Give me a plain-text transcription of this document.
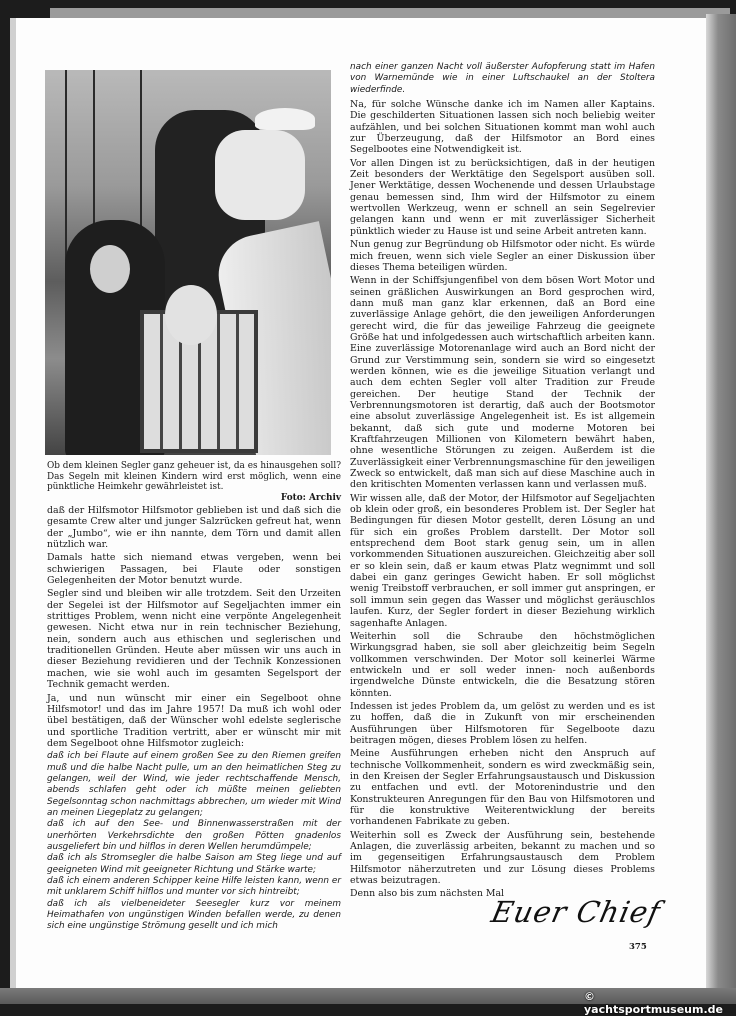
Ob dem kleinen Segler ganz geheuer ist, da es hinausgehen soll? Das Segeln mit kleinen Kindern wird erst möglich, wenn eine pünktliche Heimkehr gewährleistet ist.
Foto: Archiv

daß der Hilfsmotor Hilfsmotor geblieben ist und daß sich die gesamte Crew alter und junger Salzrücken gefreut hat, wenn der „Jumbo“, wie er ihn nannte, dem Törn und damit allen nützlich war.

Damals hatte sich niemand etwas vergeben, wenn bei schwierigen Passagen, bei Flaute oder sonstigen Gelegenheiten der Motor benutzt wurde.

Segler sind und bleiben wir alle trotzdem. Seit den Urzeiten der Segelei ist der Hilfsmotor auf Segeljachten immer ein strittiges Problem, wenn nicht eine verpönte Angelegenheit gewesen. Nicht etwa nur in rein technischer Beziehung, nein, sondern auch aus ethischen und seglerischen und traditionellen Gründen. Heute aber müssen wir uns auch in dieser Beziehung revidieren und der Technik Konzessionen machen, wie sie wohl auch im gesamten Segelsport der Technik gemacht werden.

Ja, und nun wünscht mir einer ein Segelboot ohne Hilfsmotor! und das im Jahre 1957! Da muß ich wohl oder übel bestätigen, daß der Wünscher wohl edelste seglerische und sportliche Tradition vertritt, aber er wünscht mir mit dem Segelboot ohne Hilfsmotor zugleich:

daß ich bei Flaute auf einem großen See zu den Riemen greifen muß und die halbe Nacht pulle, um an den heimatlichen Steg zu gelangen, weil der Wind, wie jeder rechtschaffende Mensch, abends schlafen geht oder ich müßte meinen geliebten Segelsonntag schon nachmittags abbrechen, um wieder mit Wind an meinen Liegeplatz zu gelangen;

daß ich auf den See- und Binnenwasserstraßen mit der unerhörten Verkehrsdichte den großen Pötten gnadenlos ausgeliefert bin und hilflos in deren Wellen herumdümpele;

daß ich als Stromsegler die halbe Saison am Steg liege und auf geeigneten Wind mit geeigneter Richtung und Stärke warte;

daß ich einem anderen Schipper keine Hilfe leisten kann, wenn er mit unklarem Schiff hilflos und munter vor sich hintreibt;

daß ich als vielbeneideter Seesegler kurz vor meinem Heimathafen von ungünstigen Winden befallen werde, zu denen sich eine ungünstige Strömung gesellt und ich mich

nach einer ganzen Nacht voll äußerster Aufopferung statt im Hafen von Warnemünde wie in einer Luftschaukel an der Stoltera wiederfinde.

Na, für solche Wünsche danke ich im Namen aller Kaptains. Die geschilderten Situationen lassen sich noch beliebig weiter aufzählen, und bei solchen Situationen kommt man wohl auch zur Überzeugung, daß der Hilfsmotor an Bord eines Segelbootes eine Notwendigkeit ist.

Vor allen Dingen ist zu berücksichtigen, daß in der heutigen Zeit besonders der Werktätige den Segelsport ausüben soll. Jener Werktätige, dessen Wochenende und dessen Urlaubstage genau bemessen sind, Ihm wird der Hilfsmotor zu einem wertvollen Werkzeug, wenn er schnell an sein Segelrevier gelangen kann und wenn er mit zuverlässiger Sicherheit pünktlich wieder zu Hause ist und seine Arbeit antreten kann.

Nun genug zur Begründung ob Hilfsmotor oder nicht. Es würde mich freuen, wenn sich viele Segler an einer Diskussion über dieses Thema beteiligen würden.

Wenn in der Schiffsjungenfibel von dem bösen Wort Motor und seinen gräßlichen Auswirkungen an Bord gesprochen wird, dann muß man ganz klar erkennen, daß an Bord eine zuverlässige Anlage gehört, die den jeweiligen Anforderungen gerecht wird, die für das jeweilige Fahrzeug die geeignete Größe hat und infolgedessen auch wirtschaftlich arbeiten kann. Eine zuverlässige Motorenanlage wird auch an Bord nicht der Grund zur Verstimmung sein, sondern sie wird so eingesetzt werden können, wie es die jeweilige Situation verlangt und auch dem echten Segler voll alter Tradition zur Freude gereichen. Der heutige Stand der Technik der Verbrennungsmotoren ist derartig, daß auch der Bootsmotor eine absolut zuverlässige Angelegenheit ist. Es ist allgemein bekannt, daß sich gute und moderne Motoren bei Kraftfahrzeugen Millionen von Kilometern bewährt haben, ohne wesentliche Störungen zu zeigen. Außerdem ist die Zuverlässigkeit einer Verbrennungsmaschine für den jeweiligen Zweck so entwickelt, daß man sich auf diese Maschine auch in den kritischten Momenten verlassen kann und verlassen muß.

Wir wissen alle, daß der Motor, der Hilfsmotor auf Segeljachten ob klein oder groß, ein besonderes Problem ist. Der Segler hat Bedingungen für diesen Motor gestellt, deren Lösung an und für sich ein großes Problem darstellt. Der Motor soll entsprechend dem Boot stark genug sein, um in allen vorkommenden Situationen auszureichen. Gleichzeitig aber soll er so klein sein, daß er kaum etwas Platz wegnimmt und soll dabei ein ganz geringes Gewicht haben. Er soll möglichst wenig Treibstoff verbrauchen, er soll immer gut anspringen, er soll immun sein gegen das Wasser und möglichst geräuschlos laufen. Kurz, der Segler fordert in dieser Beziehung wirklich sagenhafte Anlagen.

Weiterhin soll die Schraube den höchstmöglichen Wirkungsgrad haben, sie soll aber gleichzeitig beim Segeln vollkommen verschwinden. Der Motor soll keinerlei Wärme entwickeln und er soll weder innen- noch außenbords irgendwelche Dünste entwickeln, die die Besatzung stören könnten.

Indessen ist jedes Problem da, um gelöst zu werden und es ist zu hoffen, daß die in Zukunft von mir erscheinenden Ausführungen über Hilfsmotoren für Segelboote dazu beitragen mögen, dieses Problem lösen zu helfen.

Meine Ausführungen erheben nicht den Anspruch auf technische Vollkommenheit, sondern es wird zweckmäßig sein, in den Kreisen der Segler Erfahrungsaustausch und Diskussion zu entfachen und evtl. der Motorenindustrie und den Konstrukteuren Anregungen für den Bau von Hilfsmotoren und für die konstruktive Weiterentwicklung der bereits vorhandenen Fabrikate zu geben.

Weiterhin soll es Zweck der Ausführung sein, bestehende Anlagen, die zuverlässig arbeiten, bekannt zu machen und so im gegenseitigen Erfahrungsaustausch dem Problem Hilfsmotor näherzutreten und zur Lösung dieses Problems etwas beizutragen.

Denn also bis zum nächsten Mal

Euer Chief
375
© yachtsportmuseum.de
